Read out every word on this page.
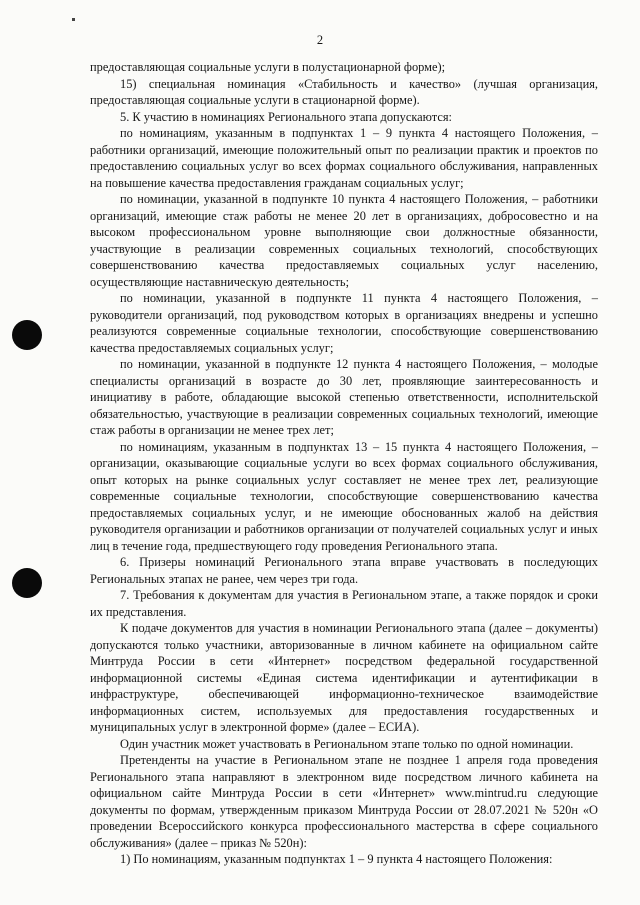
2

предоставляющая социальные услуги в полустационарной форме);

15) специальная номинация «Стабильность и качество» (лучшая организация, предоставляющая социальные услуги в стационарной форме).

5. К участию в номинациях Регионального этапа допускаются:

по номинациям, указанным в подпунктах 1 – 9 пункта 4 настоящего Положения, – работники организаций, имеющие положительный опыт по реализации практик и проектов по предоставлению социальных услуг во всех формах социального обслуживания, направленных на повышение качества предоставления гражданам социальных услуг;

по номинации, указанной в подпункте 10 пункта 4 настоящего Положения, – работники организаций, имеющие стаж работы не менее 20 лет в организациях, добросовестно и на высоком профессиональном уровне выполняющие свои должностные обязанности, участвующие в реализации современных социальных технологий, способствующих совершенствованию качества предоставляемых социальных услуг населению, осуществляющие наставническую деятельность;

по номинации, указанной в подпункте 11 пункта 4 настоящего Положения, – руководители организаций, под руководством которых в организациях внедрены и успешно реализуются современные социальные технологии, способствующие совершенствованию качества предоставляемых социальных услуг;

по номинации, указанной в подпункте 12 пункта 4 настоящего Положения, – молодые специалисты организаций в возрасте до 30 лет, проявляющие заинтересованность и инициативу в работе, обладающие высокой степенью ответственности, исполнительской обязательностью, участвующие в реализации современных социальных технологий, имеющие стаж работы в организации не менее трех лет;

по номинациям, указанным в подпунктах 13 – 15 пункта 4 настоящего Положения, – организации, оказывающие социальные услуги во всех формах социального обслуживания, опыт которых на рынке социальных услуг составляет не менее трех лет, реализующие современные социальные технологии, способствующие совершенствованию качества предоставляемых социальных услуг, и не имеющие обоснованных жалоб на действия руководителя организации и работников организации от получателей социальных услуг и иных лиц в течение года, предшествующего году проведения Регионального этапа.

6. Призеры номинаций Регионального этапа вправе участвовать в последующих Региональных этапах не ранее, чем через три года.

7. Требования к документам для участия в Региональном этапе, а также порядок и сроки их представления.

К подаче документов для участия в номинации Регионального этапа (далее – документы) допускаются только участники, авторизованные в личном кабинете на официальном сайте Минтруда России в сети «Интернет» посредством федеральной государственной информационной системы «Единая система идентификации и аутентификации в инфраструктуре, обеспечивающей информационно-техническое взаимодействие информационных систем, используемых для предоставления государственных и муниципальных услуг в электронной форме» (далее – ЕСИА).

Один участник может участвовать в Региональном этапе только по одной номинации.

Претенденты на участие в Региональном этапе не позднее 1 апреля года проведения Регионального этапа направляют в электронном виде посредством личного кабинета на официальном сайте Минтруда России в сети «Интернет» www.mintrud.ru следующие документы по формам, утвержденным приказом Минтруда России от 28.07.2021 № 520н «О проведении Всероссийского конкурса профессионального мастерства в сфере социального обслуживания» (далее – приказ № 520н):

1) По номинациям, указанным подпунктах 1 – 9 пункта 4 настоящего Положения:
